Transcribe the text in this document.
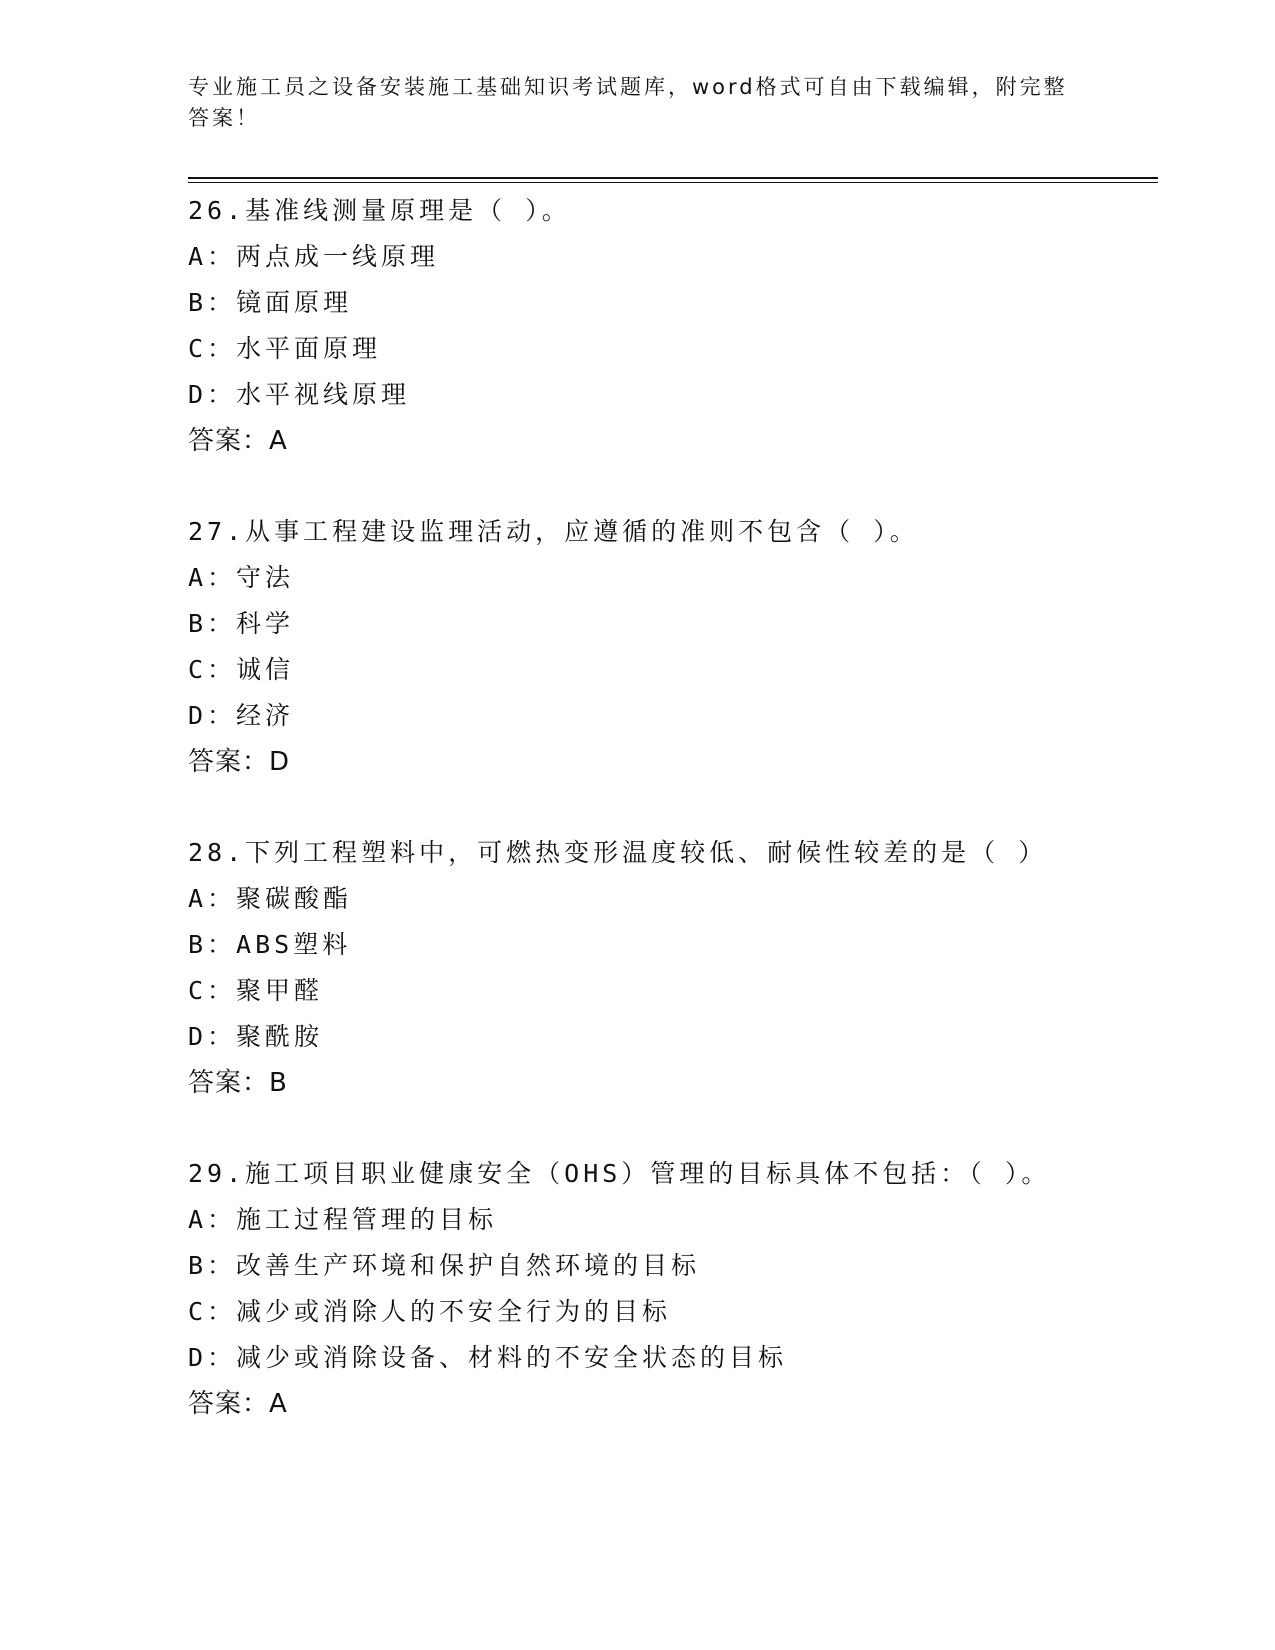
专业施工员之设备安装施工基础知识考试题库，word格式可自由下载编辑，附完整答案！
26.基准线测量原理是（ ）。
A：两点成一线原理
B：镜面原理
C：水平面原理
D：水平视线原理
答案：A
27.从事工程建设监理活动，应遵循的准则不包含（ ）。
A：守法
B：科学
C：诚信
D：经济
答案：D
28.下列工程塑料中，可燃热变形温度较低、耐候性较差的是（ ）
A：聚碳酸酯
B：ABS塑料
C：聚甲醛
D：聚酰胺
答案：B
29.施工项目职业健康安全（OHS）管理的目标具体不包括：（ ）。
A：施工过程管理的目标
B：改善生产环境和保护自然环境的目标
C：减少或消除人的不安全行为的目标
D：减少或消除设备、材料的不安全状态的目标
答案：A
